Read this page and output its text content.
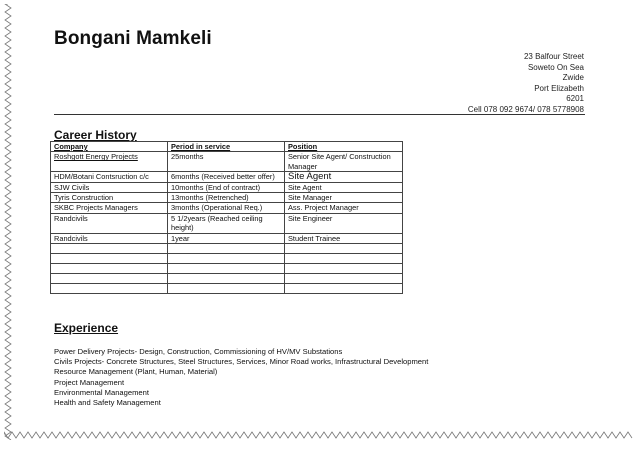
Bongani Mamkeli
23 Balfour Street
Soweto On Sea
Zwide
Port Elizabeth
6201
Cell 078 092 9674/ 078 5778908
Career History
Company	Period in service	Position
Roshgott Energy Projects	25months	Senior Site Agent/ Construction Manager
HDM/Botani Contsruction c/c	6months (Received better offer)	Site Agent
SJW Civils	10months (End of contract)	Site Agent
Tyris Construction	13months (Retrenched)	Site Manager
SKBC Projects Managers	3months (Operational Req.)	Ass. Project Manager
Randcivils	5 1/2years (Reached ceiling height)	Site Engineer
Randcivils	1year	Student Trainee

Experience
Power Delivery Projects- Design, Construction, Commissioning of HV/MV Substations
Civils Projects- Concrete Structures, Steel Structures, Services, Minor Road works, Infrastructural Development
Resource Management (Plant, Human, Material)
Project Management
Environmental Management
Health and Safety Management
